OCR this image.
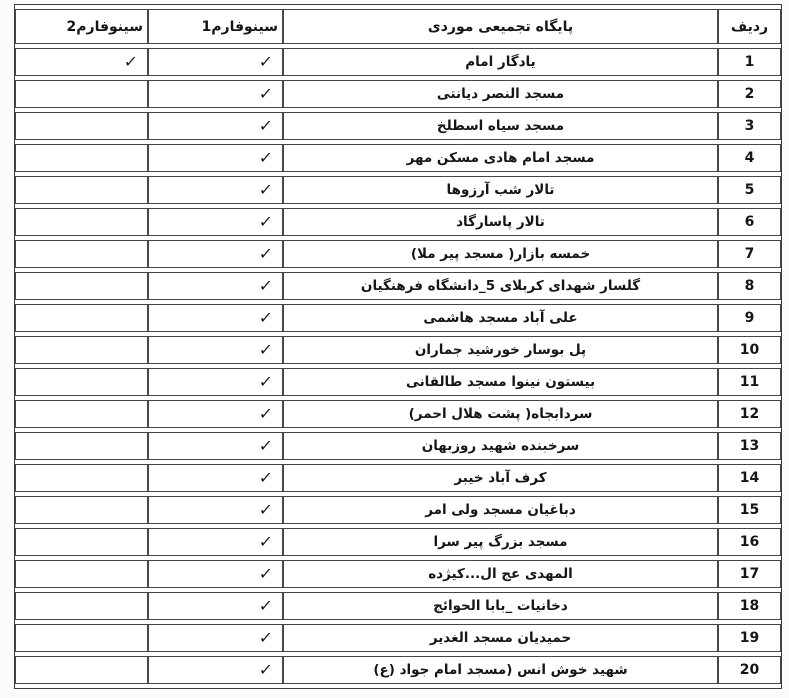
ردیف	پایگاه تجمیعی موردی	سینوفارم1	سینوفارم2
1	یادگار امام	✓	✓
2	مسجد النصر دیانتی	✓	
3	مسجد سیاه اسطلخ	✓	
4	مسجد امام هادی مسکن مهر	✓	
5	تالار شب آرزوها	✓	
6	تالار پاسارگاد	✓	
7	خمسه بازار( مسجد پیر ملا)	✓	
8	گلسار شهدای کربلای 5_دانشگاه فرهنگیان	✓	
9	علی آباد مسجد هاشمی	✓	
10	پل بوسار خورشید جماران	✓	
11	بیستون نینوا مسجد طالقانی	✓	
12	سردابجاه( پشت هلال احمر)	✓	
13	سرخبنده شهید روزبهان	✓	
14	کرف آباد خیبر	✓	
15	دباغیان مسجد ولی امر	✓	
16	مسجد بزرگ پیر سرا	✓	
17	المهدی عج ال...کیژده	✓	
18	دخانیات _بابا الحوائج	✓	
19	حمیدیان مسجد الغدیر	✓	
20	شهید خوش انس (مسجد امام جواد (ع)	✓	
